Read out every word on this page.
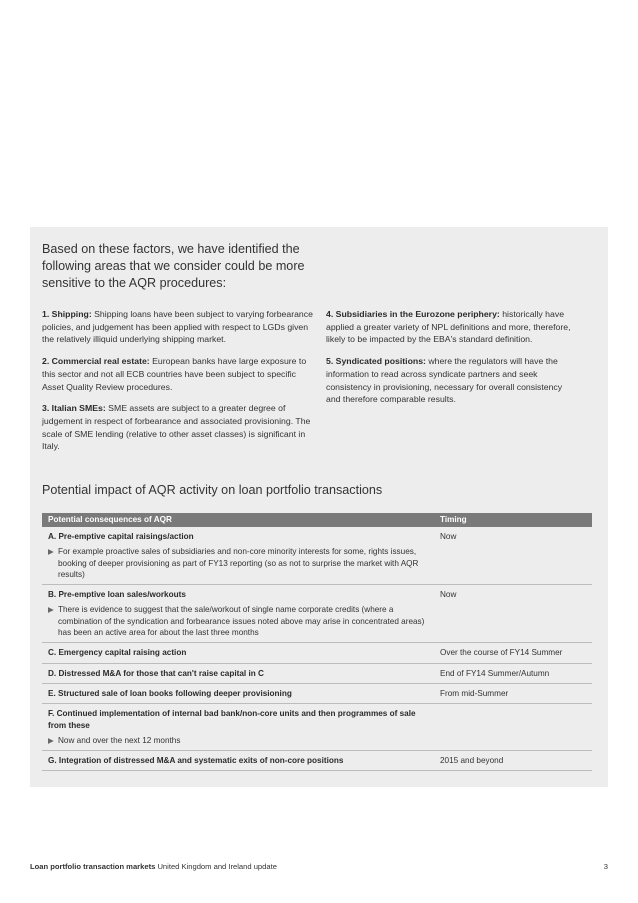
Based on these factors, we have identified the following areas that we consider could be more sensitive to the AQR procedures:

1. Shipping: Shipping loans have been subject to varying forbearance policies, and judgement has been applied with respect to LGDs given the relatively illiquid underlying shipping market.

2. Commercial real estate: European banks have large exposure to this sector and not all ECB countries have been subject to specific Asset Quality Review procedures.

3. Italian SMEs: SME assets are subject to a greater degree of judgement in respect of forbearance and associated provisioning. The scale of SME lending (relative to other asset classes) is significant in Italy.

4. Subsidiaries in the Eurozone periphery: historically have applied a greater variety of NPL definitions and more, therefore, likely to be impacted by the EBA's standard definition.

5. Syndicated positions: where the regulators will have the information to read across syndicate partners and seek consistency in provisioning, necessary for overall consistency and therefore comparable results.

Potential impact of AQR activity on loan portfolio transactions
Potential consequences of AQR	Timing

A. Pre-emptive capital raisings/action
▶ For example proactive sales of subsidiaries and non-core minority interests for some, rights issues, booking of deeper provisioning as part of FY13 reporting (so as not to surprise the market with AQR results)	Now

B. Pre-emptive loan sales/workouts
▶ There is evidence to suggest that the sale/workout of single name corporate credits (where a combination of the syndication and forbearance issues noted above may arise in concentrated areas) has been an active area for about the last three months	Now

C. Emergency capital raising action	Over the course of FY14 Summer

D. Distressed M&A for those that can't raise capital in C	End of FY14 Summer/Autumn

E. Structured sale of loan books following deeper provisioning	From mid-Summer

F. Continued implementation of internal bad bank/non-core units and then programmes of sale from these
▶ Now and over the next 12 months	

G. Integration of distressed M&A and systematic exits of non-core positions	2015 and beyond
Loan portfolio transaction markets United Kingdom and Ireland update	3
